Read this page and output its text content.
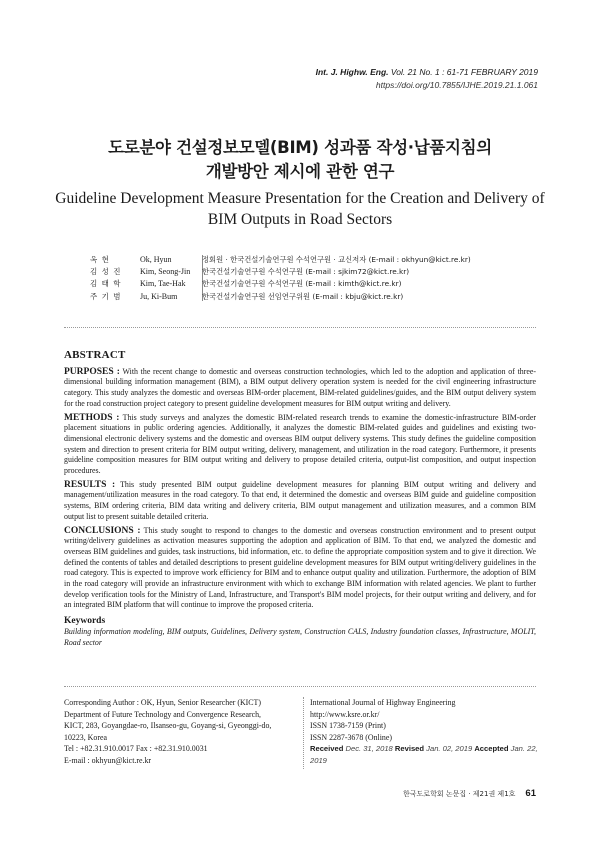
Int. J. Highw. Eng. Vol. 21 No. 1 : 61-71 FEBRUARY 2019
https://doi.org/10.7855/IJHE.2019.21.1.061
도로분야 건설정보모델(BIM) 성과품 작성·납품지침의
개발방안 제시에 관한 연구
Guideline Development Measure Presentation for the Creation and Delivery of
BIM Outputs in Road Sectors
옥 현	Ok, Hyun	정회원 · 한국건설기술연구원 수석연구원 · 교신저자 (E-mail : okhyun@kict.re.kr)
김 성 진	Kim, Seong-Jin	한국건설기술연구원 수석연구원 (E-mail : sjkim72@kict.re.kr)
김 태 학	Kim, Tae-Hak	한국건설기술연구원 수석연구원 (E-mail : kimth@kict.re.kr)
주 기 범	Ju, Ki-Bum	한국건설기술연구원 선임연구위원 (E-mail : kbju@kict.re.kr)
ABSTRACT

PURPOSES : With the recent change to domestic and overseas construction technologies, which led to the adoption and application of three-dimensional building information management (BIM), a BIM output delivery operation system is needed for the civil engineering infrastructure category. This study analyzes the domestic and overseas BIM-order placement, BIM-related guidelines/guides, and the BIM output delivery system for the road construction project category to present guideline development measures for BIM output writing and delivery.

METHODS : This study surveys and analyzes the domestic BIM-related research trends to examine the domestic-infrastructure BIM-order placement situations in public ordering agencies. Additionally, it analyzes the domestic BIM-related guides and guidelines and existing two-dimensional electronic delivery systems and the domestic and overseas BIM output delivery systems. This study defines the guideline composition system and direction to present criteria for BIM output writing, delivery, management, and utilization in the road category. Furthermore, it presents guideline composition measures for BIM output writing and delivery to propose detailed criteria, output-list composition, and output inspection procedures.

RESULTS : This study presented BIM output guideline development measures for planning BIM output writing and delivery and management/utilization measures in the road category. To that end, it determined the domestic and overseas BIM guide and guideline composition systems, BIM ordering criteria, BIM data writing and delivery criteria, BIM output management and utilization measures, and a common BIM output list to present suitable detailed criteria.

CONCLUSIONS : This study sought to respond to changes to the domestic and overseas construction environment and to present output writing/delivery guidelines as activation measures supporting the adoption and application of BIM. To that end, we analyzed the domestic and overseas BIM guidelines and guides, task instructions, bid information, etc. to define the appropriate composition system and to give it direction. We defined the contents of tables and detailed descriptions to present guideline development measures for BIM output writing/delivery guidelines in the road category. This is expected to improve work efficiency for BIM and to enhance output quality and utilization. Furthermore, the adoption of BIM in the road category will provide an infrastructure environment with which to exchange BIM information with related agencies. We plant to further develop verification tools for the Ministry of Land, Infrastructure, and Transport's BIM model projects, for their output writing and delivery, and for an integrated BIM platform that will continue to improve the proposed criteria.

Keywords

Building information modeling, BIM outputs, Guidelines, Delivery system, Construction CALS, Industry foundation classes, Infrastructure, MOLIT, Road sector

Corresponding Author : OK, Hyun, Senior Researcher (KICT)

Department of Future Technology and Convergence Research,

KICT, 283, Goyangdae-ro, Ilsanseo-gu, Goyang-si, Gyeonggi-do,

10223, Korea

Tel : +82.31.910.0017 Fax : +82.31.910.0031

E-mail : okhyun@kict.re.kr

International Journal of Highway Engineering

http://www.ksre.or.kr/

ISSN 1738-7159 (Print)

ISSN 2287-3678 (Online)

Received Dec. 31, 2018 Revised Jan. 02, 2019 Accepted Jan. 22, 2019

한국도로학회 논문집 · 제21권 제1호 61
